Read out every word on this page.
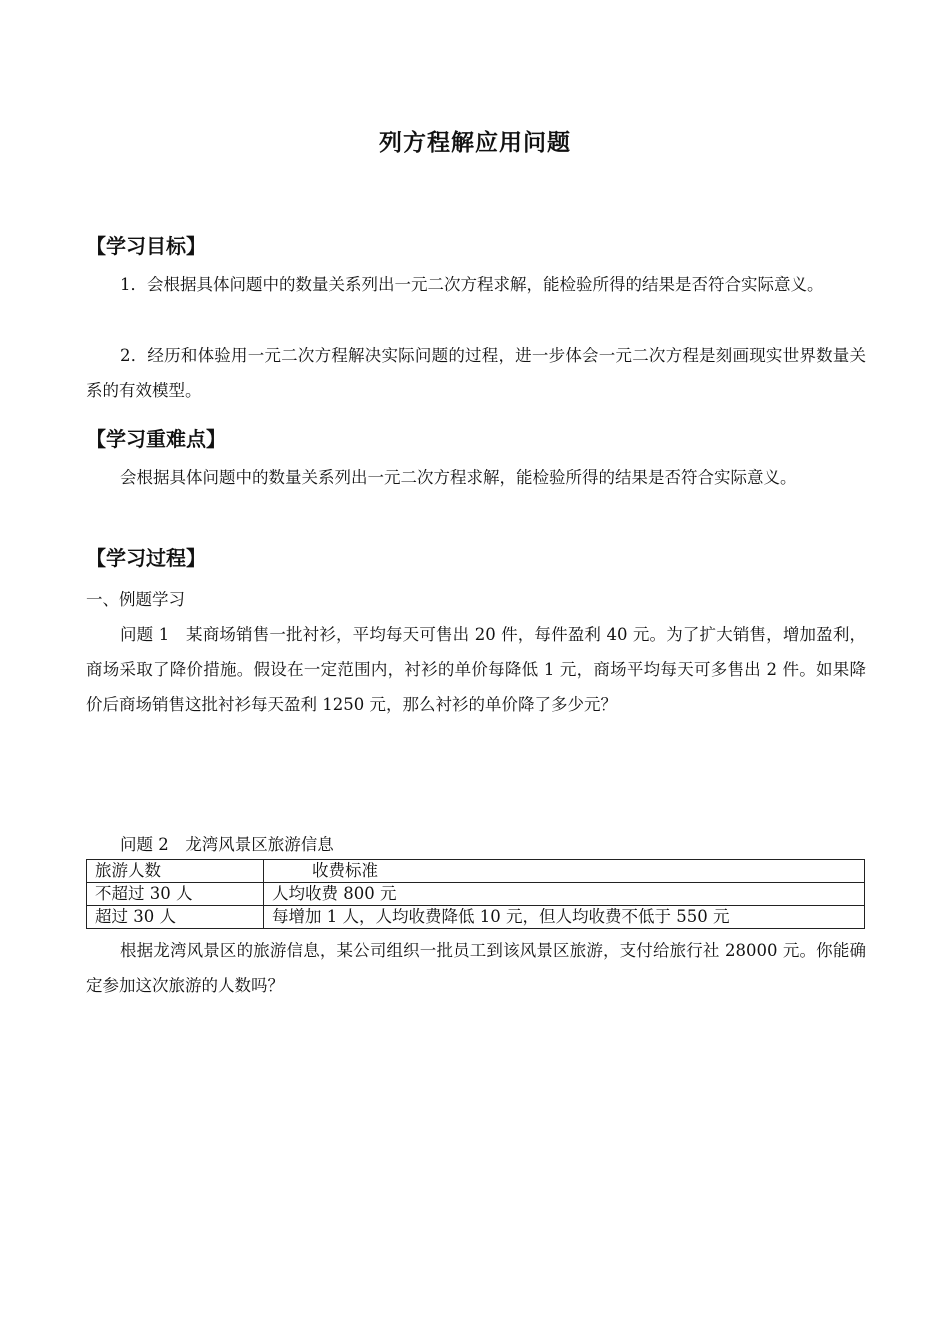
列方程解应用问题
【学习目标】

1．会根据具体问题中的数量关系列出一元二次方程求解，能检验所得的结果是否符合实际意义。

2．经历和体验用一元二次方程解决实际问题的过程，进一步体会一元二次方程是刻画现实世界数量关系的有效模型。

【学习重难点】

会根据具体问题中的数量关系列出一元二次方程求解，能检验所得的结果是否符合实际意义。

【学习过程】
一、例题学习

问题 1　某商场销售一批衬衫，平均每天可售出 20 件，每件盈利 40 元。为了扩大销售，增加盈利，商场采取了降价措施。假设在一定范围内，衬衫的单价每降低 1 元，商场平均每天可多售出 2 件。如果降价后商场销售这批衬衫每天盈利 1250 元，那么衬衫的单价降了多少元？

问题 2　龙湾风景区旅游信息
旅游人数	收费标准
不超过 30 人	人均收费 800 元
超过 30 人	每增加 1 人，人均收费降低 10 元，但人均收费不低于 550 元

根据龙湾风景区的旅游信息，某公司组织一批员工到该风景区旅游，支付给旅行社 28000 元。你能确定参加这次旅游的人数吗？
